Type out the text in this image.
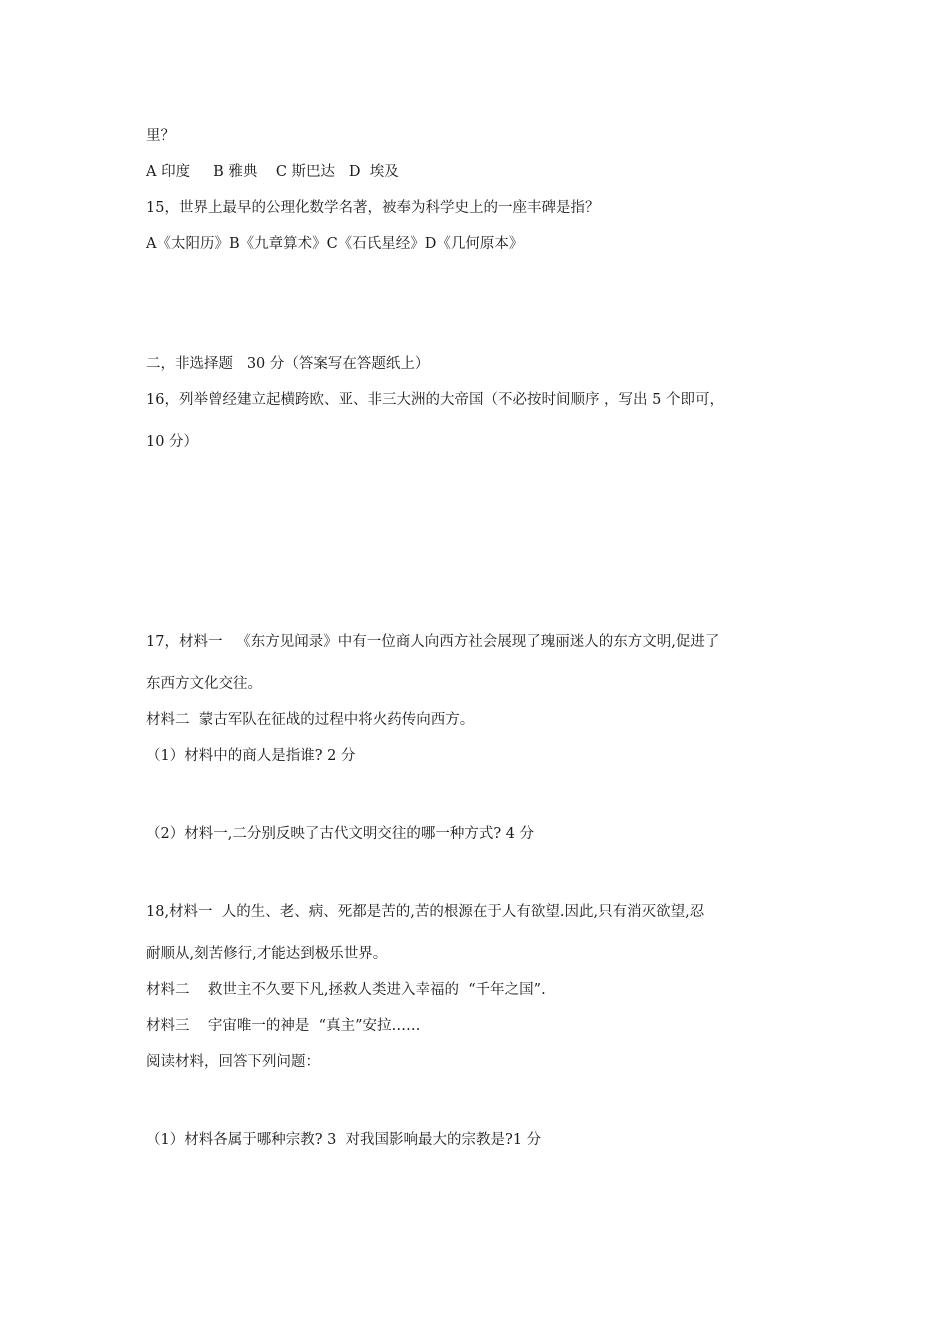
里？

A 印度     B 雅典    C 斯巴达   D  埃及

15，世界上最早的公理化数学名著，被奉为科学史上的一座丰碑是指？

A《太阳历》B《九章算术》C《石氏星经》D《几何原本》

二，非选择题   30 分（答案写在答题纸上）

16，列举曾经建立起横跨欧、亚、非三大洲的大帝国（不必按时间顺序 ，写出 5 个即可，

10 分）

17，材料一   《东方见闻录》中有一位商人向西方社会展现了瑰丽迷人的东方文明,促进了

东西方文化交往。

材料二  蒙古军队在征战的过程中将火药传向西方。

（1）材料中的商人是指谁? 2 分

（2）材料一,二分别反映了古代文明交往的哪一种方式? 4 分

18,材料一  人的生、老、病、死都是苦的,苦的根源在于人有欲望.因此,只有消灭欲望,忍

耐顺从,刻苦修行,才能达到极乐世界。

材料二    救世主不久要下凡,拯救人类进入幸福的  “千年之国”.

材料三    宇宙唯一的神是  “真主”安拉……

阅读材料，回答下列问题：

（1）材料各属于哪种宗教? 3  对我国影响最大的宗教是?1 分
